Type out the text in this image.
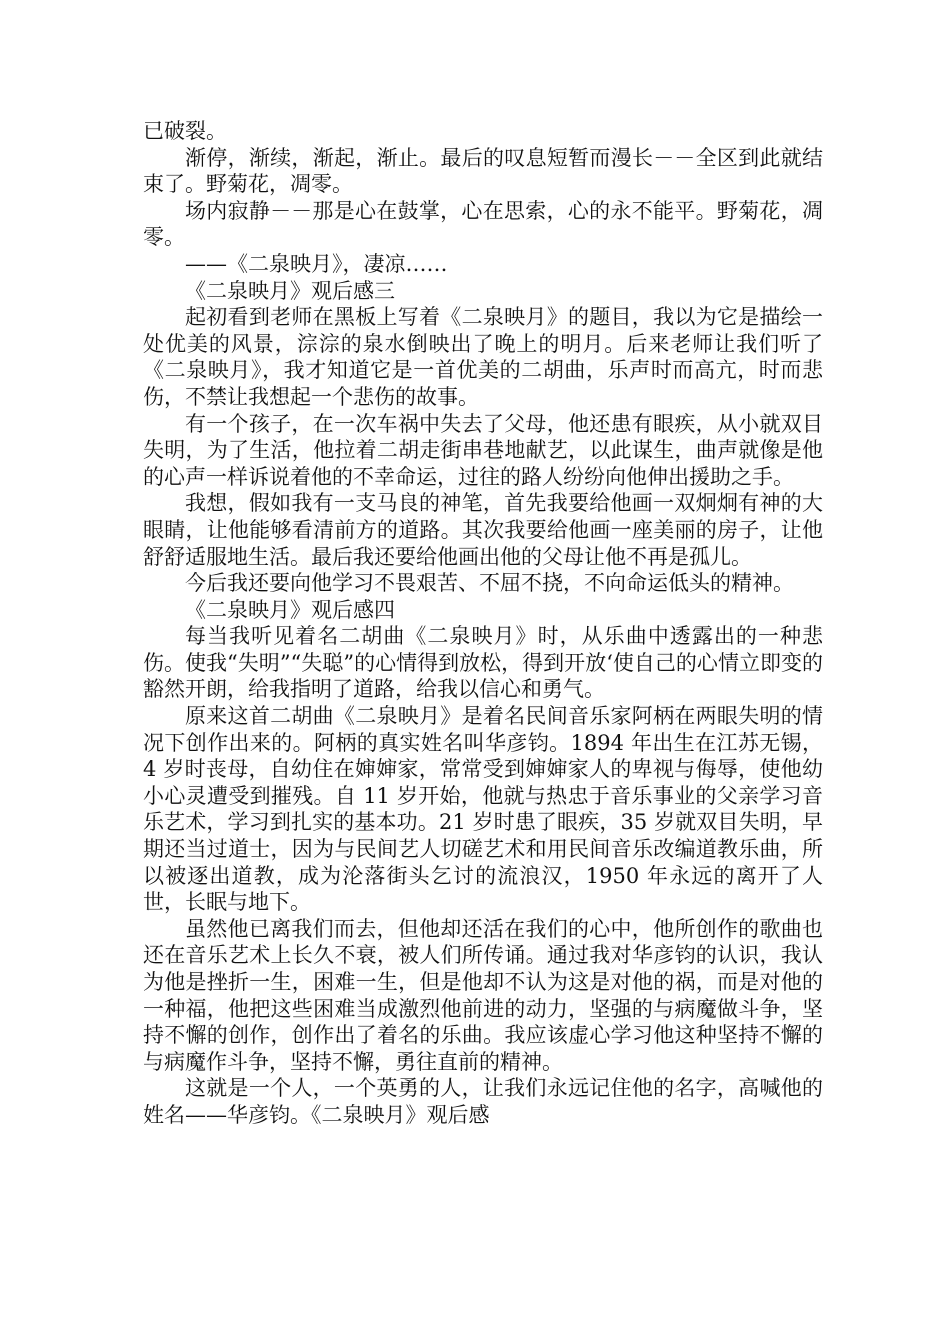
已破裂。

渐停，渐续，渐起，渐止。最后的叹息短暂而漫长－－全区到此就结束了。野菊花，凋零。

场内寂静－－那是心在鼓掌，心在思索，心的永不能平。野菊花，凋零。

——《二泉映月》，凄凉……

《二泉映月》观后感三

起初看到老师在黑板上写着《二泉映月》的题目，我以为它是描绘一处优美的风景，淙淙的泉水倒映出了晚上的明月。后来老师让我们听了《二泉映月》，我才知道它是一首优美的二胡曲，乐声时而高亢，时而悲伤，不禁让我想起一个悲伤的故事。

有一个孩子，在一次车祸中失去了父母，他还患有眼疾，从小就双目失明，为了生活，他拉着二胡走街串巷地献艺，以此谋生，曲声就像是他的心声一样诉说着他的不幸命运，过往的路人纷纷向他伸出援助之手。

我想，假如我有一支马良的神笔，首先我要给他画一双炯炯有神的大眼睛，让他能够看清前方的道路。其次我要给他画一座美丽的房子，让他舒舒适服地生活。最后我还要给他画出他的父母让他不再是孤儿。

今后我还要向他学习不畏艰苦、不屈不挠，不向命运低头的精神。

《二泉映月》观后感四

每当我听见着名二胡曲《二泉映月》时，从乐曲中透露出的一种悲伤。使我“失明”“失聪”的心情得到放松，得到开放‘使自己的心情立即变的豁然开朗，给我指明了道路，给我以信心和勇气。

原来这首二胡曲《二泉映月》是着名民间音乐家阿柄在两眼失明的情况下创作出来的。阿柄的真实姓名叫华彦钧。1894 年出生在江苏无锡，4 岁时丧母，自幼住在婶婶家，常常受到婶婶家人的卑视与侮辱，使他幼小心灵遭受到摧残。自 11 岁开始，他就与热忠于音乐事业的父亲学习音乐艺术，学习到扎实的基本功。21 岁时患了眼疾，35 岁就双目失明，早期还当过道士，因为与民间艺人切磋艺术和用民间音乐改编道教乐曲，所以被逐出道教，成为沦落街头乞讨的流浪汉，1950 年永远的离开了人世，长眠与地下。

虽然他已离我们而去，但他却还活在我们的心中，他所创作的歌曲也还在音乐艺术上长久不衰，被人们所传诵。通过我对华彦钧的认识，我认为他是挫折一生，困难一生，但是他却不认为这是对他的祸，而是对他的一种福，他把这些困难当成激烈他前进的动力，坚强的与病魔做斗争，坚持不懈的创作，创作出了着名的乐曲。我应该虚心学习他这种坚持不懈的与病魔作斗争，坚持不懈，勇往直前的精神。

这就是一个人，一个英勇的人，让我们永远记住他的名字，高喊他的姓名——华彦钧。《二泉映月》观后感
